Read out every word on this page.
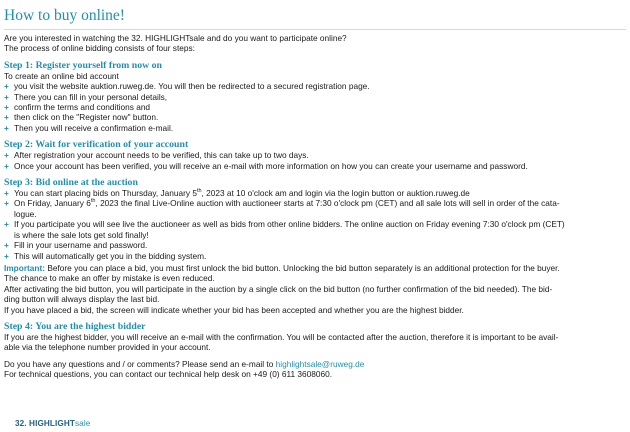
How to buy online!

Are you interested in watching the 32. HIGHLIGHTsale and do you want to participate online?

The process of online bidding consists of four steps:

Step 1: Register yourself from now on

To create an online bid account

+ you visit the website auktion.ruweg.de. You will then be redirected to a secured registration page.
+ There you can fill in your personal details,
+ confirm the terms and conditions and
+ then click on the "Register now" button.
+ Then you will receive a confirmation e-mail.
Step 2: Wait for verification of your account
+ After registration your account needs to be verified, this can take up to two days.
+ Once your account has been verified, you will receive an e-mail with more information on how you can create your username and password.
Step 3: Bid online at the auction
+ You can start placing bids on Thursday, January 5th, 2023 at 10 o'clock am and login via the login button or auktion.ruweg.de
+ On Friday, January 6th, 2023 the final Live-Online auction with auctioneer starts at 7:30 o'clock pm (CET) and all sale lots will sell in order of the cata-
logue.
+ If you participate you will see live the auctioneer as well as bids from other online bidders. The online auction on Friday evening 7:30 o'clock pm (CET)
is where the sale lots get sold finally!
+ Fill in your username and password.
+ This will automatically get you in the bidding system.

Important: Before you can place a bid, you must first unlock the bid button. Unlocking the bid button separately is an additional protection for the buyer.

The chance to make an offer by mistake is even reduced.

After activating the bid button, you will participate in the auction by a single click on the bid button (no further confirmation of the bid needed). The bid-

ding button will always display the last bid.

If you have placed a bid, the screen will indicate whether your bid has been accepted and whether you are the highest bidder.

Step 4: You are the highest bidder

If you are the highest bidder, you will receive an e-mail with the confirmation. You will be contacted after the auction, therefore it is important to be avail-

able via the telephone number provided in your account.

Do you have any questions and / or comments? Please send an e-mail to highlightsale@ruweg.de

For technical questions, you can contact our technical help desk on +49 (0) 611 3608060.

32. HIGHLIGHTsale
